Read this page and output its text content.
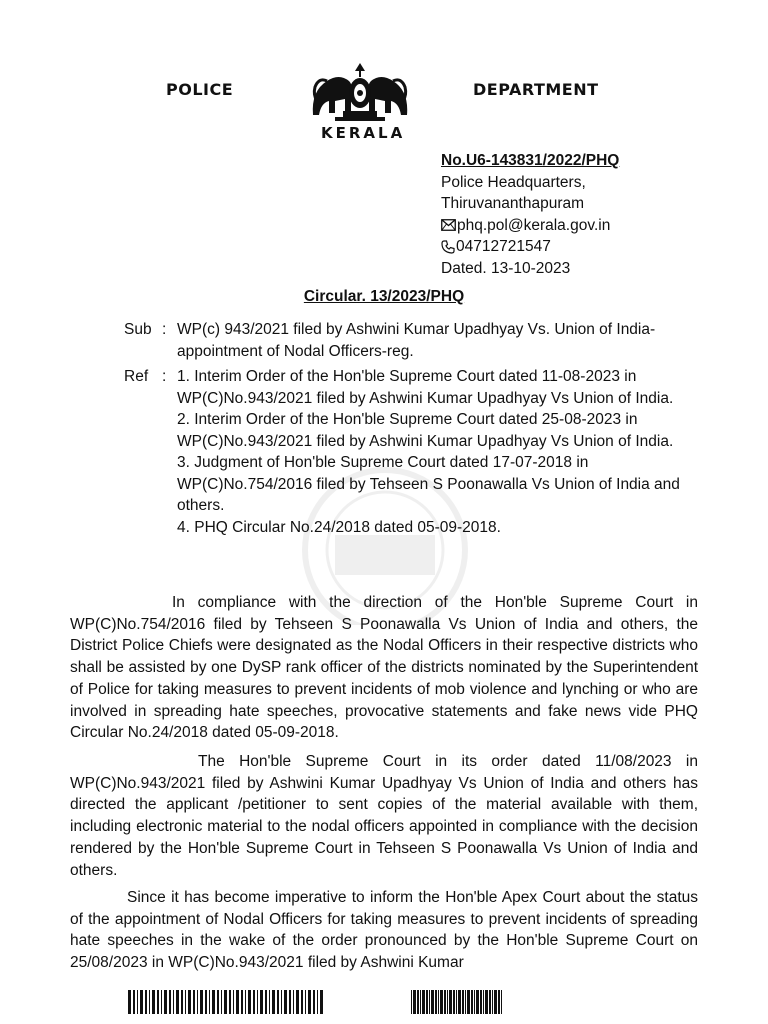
POLICE	DEPARTMENT
KERALA
No.U6-143831/2022/PHQ
Police Headquarters,
Thiruvananthapuram
phq.pol@kerala.gov.in
04712721547
Dated. 13-10-2023
Circular. 13/2023/PHQ
Sub : WP(c) 943/2021 filed by Ashwini Kumar Upadhyay Vs. Union of India- appointment of Nodal Officers-reg.
Ref : 1. Interim Order of the Hon'ble Supreme Court dated 11-08-2023 in WP(C)No.943/2021 filed by Ashwini Kumar Upadhyay Vs Union of India.

2. Interim Order of the Hon'ble Supreme Court dated 25-08-2023 in WP(C)No.943/2021 filed by Ashwini Kumar Upadhyay Vs Union of India.

3. Judgment of Hon'ble Supreme Court dated 17-07-2018 in WP(C)No.754/2016 filed by Tehseen S Poonawalla Vs Union of India and others.

4. PHQ Circular No.24/2018 dated 05-09-2018.

In compliance with the direction of the Hon'ble Supreme Court in WP(C)No.754/2016 filed by Tehseen S Poonawalla Vs Union of India and others, the District Police Chiefs were designated as the Nodal Officers in their respective districts who shall be assisted by one DySP rank officer of the districts nominated by the Superintendent of Police for taking measures to prevent incidents of mob violence and lynching or who are involved in spreading hate speeches, provocative statements and fake news vide PHQ Circular No.24/2018 dated 05-09-2018.

The Hon'ble Supreme Court in its order dated 11/08/2023 in WP(C)No.943/2021 filed by Ashwini Kumar Upadhyay Vs Union of India and others has directed the applicant /petitioner to sent copies of the material available with them, including electronic material to the nodal officers appointed in compliance with the decision rendered by the Hon'ble Supreme Court in Tehseen S Poonawalla Vs Union of India and others.

Since it has become imperative to inform the Hon'ble Apex Court about the status of the appointment of Nodal Officers for taking measures to prevent incidents of spreading hate speeches in the wake of the order pronounced by the Hon'ble Supreme Court on 25/08/2023 in WP(C)No.943/2021 filed by Ashwini Kumar
